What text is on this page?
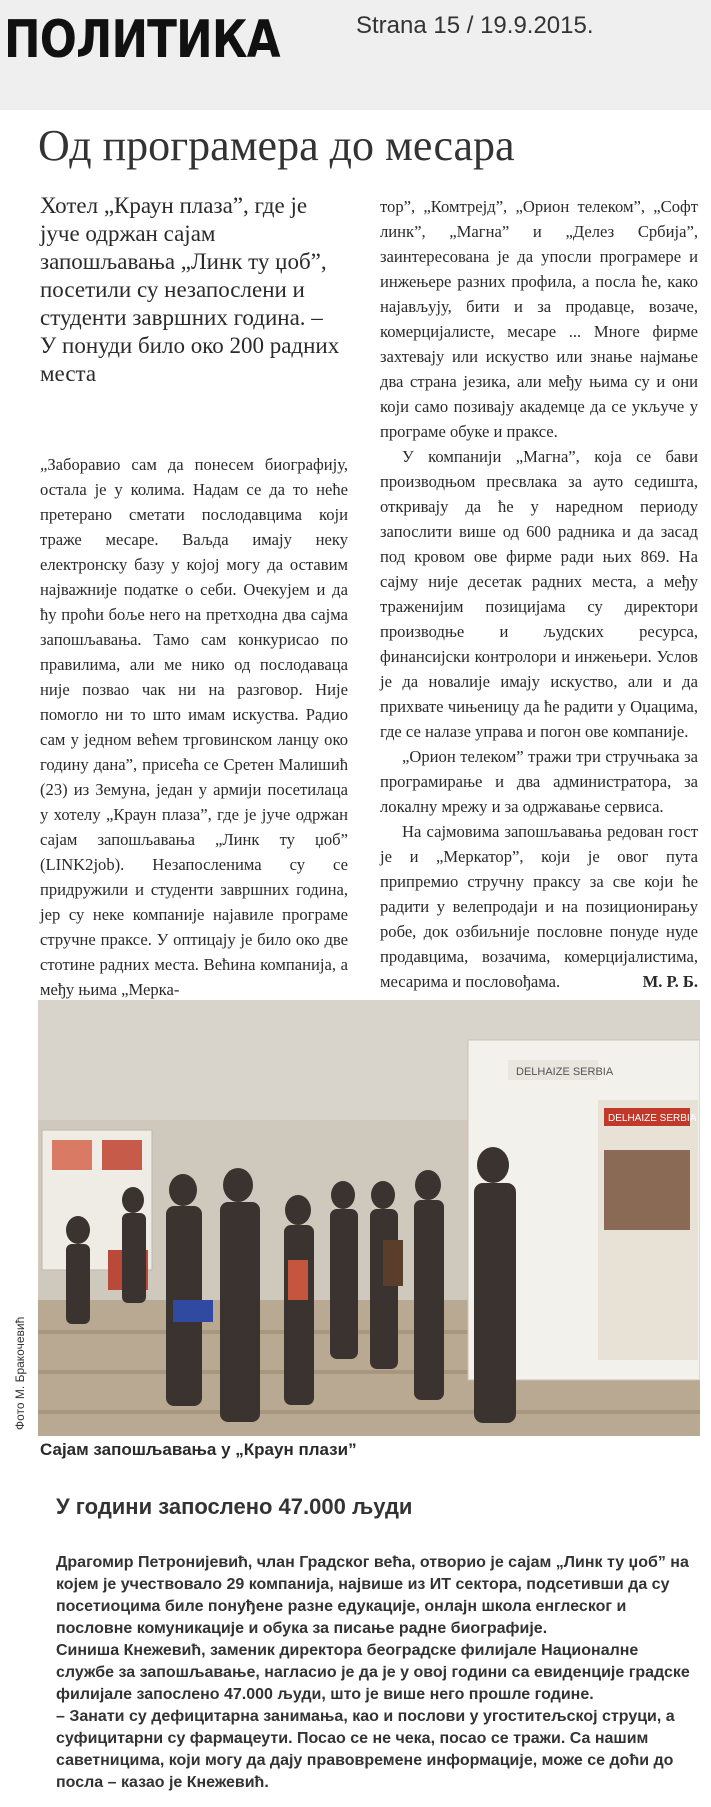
ПОЛИТИКА	Strana 15 / 19.9.2015.
Од програмера до месара
Хотел „Краун плаза”, где је јуче одржан сајам запошљавања „Линк ту џоб”, посетили су незапослени и студенти завршних година. – У понуди било око 200 радних места

„Заборавио сам да понесем биографију, остала је у колима. Надам се да то неће претерано сметати послодавцима који траже месаре. Ваљда имају неку електронску базу у којој могу да оставим најважније податке о себи. Очекујем и да ћу проћи боље него на претходна два сајма запошљавања. Тамо сам конкурисао по правилима, али ме нико од послодаваца није позвао чак ни на разговор. Није помогло ни то што имам искуства. Радио сам у једном већем трговинском ланцу око годину дана”, присећа се Сретен Малишић (23) из Земуна, један у армији посетилаца у хотелу „Краун плаза”, где је јуче одржан сајам запошљавања „Линк ту џоб” (LINK2job). Незапосленима су се придружили и студенти завршних година, јер су неке компаније најавиле програме стручне праксе. У оптицају је било око две стотине радних места. Већина компанија, а међу њима „Мерка-

тор”, „Комтрејд”, „Орион телеком”, „Софт линк”, „Магна” и „Делез Србија”, заинтересована је да упосли програмере и инжењере разних профила, а посла ће, како најављују, бити и за продавце, возаче, комерцијалисте, месаре ... Многе фирме захтевају или искуство или знање најмање два страна језика, али међу њима су и они који само позивају академце да се укључе у програме обуке и праксе.

У компанији „Магна”, која се бави производњом пресвлака за ауто седишта, откривају да ће у наредном периоду запослити више од 600 радника и да засад под кровом ове фирме ради њих 869. На сајму није десетак радних места, а међу траженијим позицијама су директори производње и људских ресурса, финансијски контролори и инжењери. Услов је да новалије имају искуство, али и да прихвате чињеницу да ће радити у Оџацима, где се налазе управа и погон ове компаније.

„Орион телеком” тражи три стручњака за програмирање и два администратора, за локалну мрежу и за одржавање сервиса.

На сајмовима запошљавања редован гост је и „Меркатор”, који је овог пута припремио стручну праксу за све који ће радити у велепродаји и на позиционирању робе, док озбиљније пословне понуде нуде продавцима, возачима, комерцијалистима, месарима и пословођама.	М. Р. Б.

DELHAIZE SERBIA
DELHAIZE SERBIA
Фото М. Бракочевић
Сајам запошљавања у „Краун плази”
У години запослено 47.000 људи

Драгомир Петронијевић, члан Градског већа, отворио је сајам „Линк ту џоб” на којем је учествовало 29 компанија, највише из ИТ сектора, подсетивши да су посетиоцима биле понуђене разне едукације, онлајн школа енглеског и пословне комуникације и обука за писање радне биографије.

Синиша Кнежевић, заменик директора београдске филијале Националне службе за запошљавање, нагласио је да је у овој години са евиденције градске филијале запослено 47.000 људи, што је више него прошле године.

– Занати су дефицитарна занимања, као и послови у угоститељској струци, а суфицитарни су фармацеути. Посао се не чека, посао се тражи. Са нашим саветницима, који могу да дају правовремене информације, може се доћи до посла – казао је Кнежевић.
